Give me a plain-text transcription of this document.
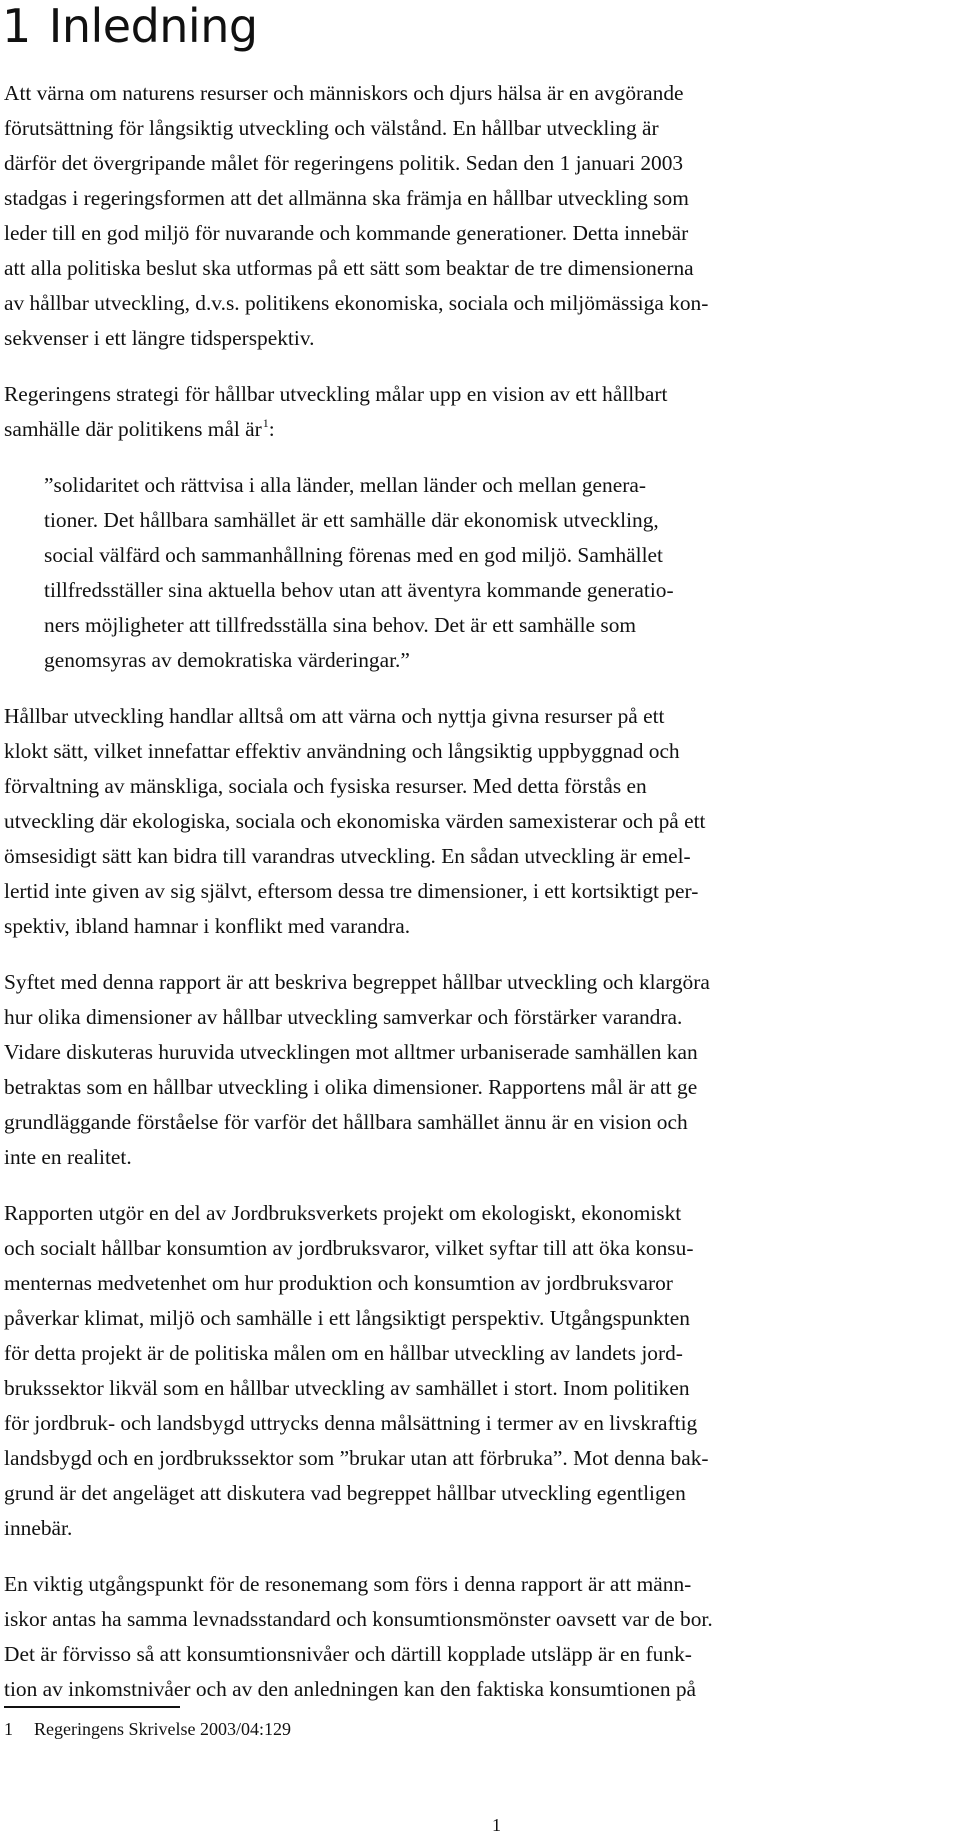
1 Inledning

Att värna om naturens resurser och människors och djurs hälsa är en avgörande
förutsättning för långsiktig utveckling och välstånd. En hållbar utveckling är
därför det övergripande målet för regeringens politik. Sedan den 1 januari 2003
stadgas i regeringsformen att det allmänna ska främja en hållbar utveckling som
leder till en god miljö för nuvarande och kommande generationer. Detta innebär
att alla politiska beslut ska utformas på ett sätt som beaktar de tre dimensionerna
av hållbar utveckling, d.v.s. politikens ekonomiska, sociala och miljömässiga kon-
sekvenser i ett längre tidsperspektiv.

Regeringens strategi för hållbar utveckling målar upp en vision av ett hållbart
samhälle där politikens mål är$^1$:

”solidaritet och rättvisa i alla länder, mellan länder och mellan genera-
tioner. Det hållbara samhället är ett samhälle där ekonomisk utveckling,
social välfärd och sammanhållning förenas med en god miljö. Samhället
tillfredsställer sina aktuella behov utan att äventyra kommande generatio-
ners möjligheter att tillfredsställa sina behov. Det är ett samhälle som
genomsyras av demokratiska värderingar.”

Hållbar utveckling handlar alltså om att värna och nyttja givna resurser på ett
klokt sätt, vilket innefattar effektiv användning och långsiktig uppbyggnad och
förvaltning av mänskliga, sociala och fysiska resurser. Med detta förstås en
utveckling där ekologiska, sociala och ekonomiska värden samexisterar och på ett
ömsesidigt sätt kan bidra till varandras utveckling. En sådan utveckling är emel-
lertid inte given av sig självt, eftersom dessa tre dimensioner, i ett kortsiktigt per-
spektiv, ibland hamnar i konflikt med varandra.

Syftet med denna rapport är att beskriva begreppet hållbar utveckling och klargöra
hur olika dimensioner av hållbar utveckling samverkar och förstärker varandra.
Vidare diskuteras huruvida utvecklingen mot alltmer urbaniserade samhällen kan
betraktas som en hållbar utveckling i olika dimensioner. Rapportens mål är att ge
grundläggande förståelse för varför det hållbara samhället ännu är en vision och
inte en realitet.

Rapporten utgör en del av Jordbruksverkets projekt om ekologiskt, ekonomiskt
och socialt hållbar konsumtion av jordbruksvaror, vilket syftar till att öka konsu-
menternas medvetenhet om hur produktion och konsumtion av jordbruksvaror
påverkar klimat, miljö och samhälle i ett långsiktigt perspektiv. Utgångspunkten
för detta projekt är de politiska målen om en hållbar utveckling av landets jord-
brukssektor likväl som en hållbar utveckling av samhället i stort. Inom politiken
för jordbruk- och landsbygd uttrycks denna målsättning i termer av en livskraftig
landsbygd och en jordbrukssektor som ”brukar utan att förbruka”. Mot denna bak-
grund är det angeläget att diskutera vad begreppet hållbar utveckling egentligen
innebär.

En viktig utgångspunkt för de resonemang som förs i denna rapport är att männ-
iskor antas ha samma levnadsstandard och konsumtionsmönster oavsett var de bor.
Det är förvisso så att konsumtionsnivåer och därtill kopplade utsläpp är en funk-
tion av inkomstnivåer och av den anledningen kan den faktiska konsumtionen på

1 Regeringens Skrivelse 2003/04:129
1
